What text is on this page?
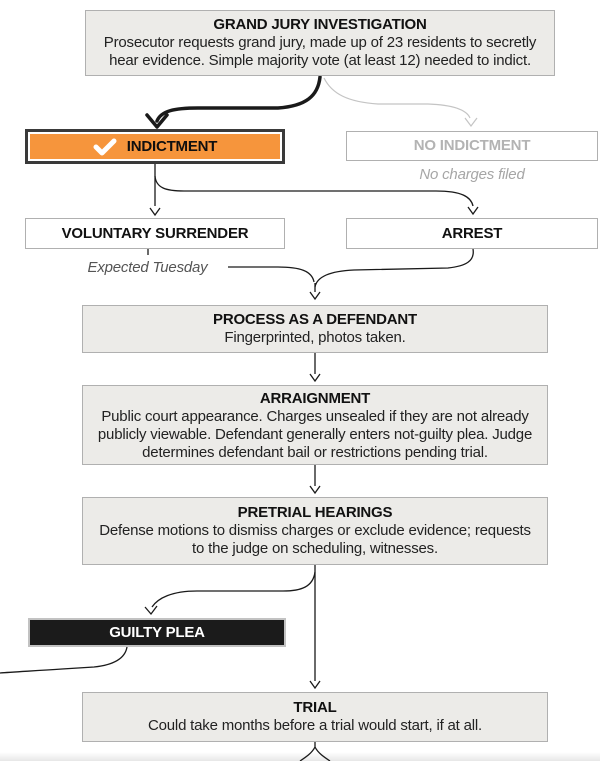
GRAND JURY INVESTIGATION
Prosecutor requests grand jury, made up of 23 residents to secretly hear evidence. Simple majority vote (at least 12) needed to indict.
INDICTMENT	NO INDICTMENT
No charges filed
VOLUNTARY SURRENDER
Expected Tuesday
ARREST
PROCESS AS A DEFENDANT
Fingerprinted, photos taken.
ARRAIGNMENT
Public court appearance. Charges unsealed if they are not already publicly viewable. Defendant generally enters not-guilty plea. Judge determines defendant bail or restrictions pending trial.
PRETRIAL HEARINGS
Defense motions to dismiss charges or exclude evidence; requests to the judge on scheduling, witnesses.
GUILTY PLEA
TRIAL
Could take months before a trial would start, if at all.
